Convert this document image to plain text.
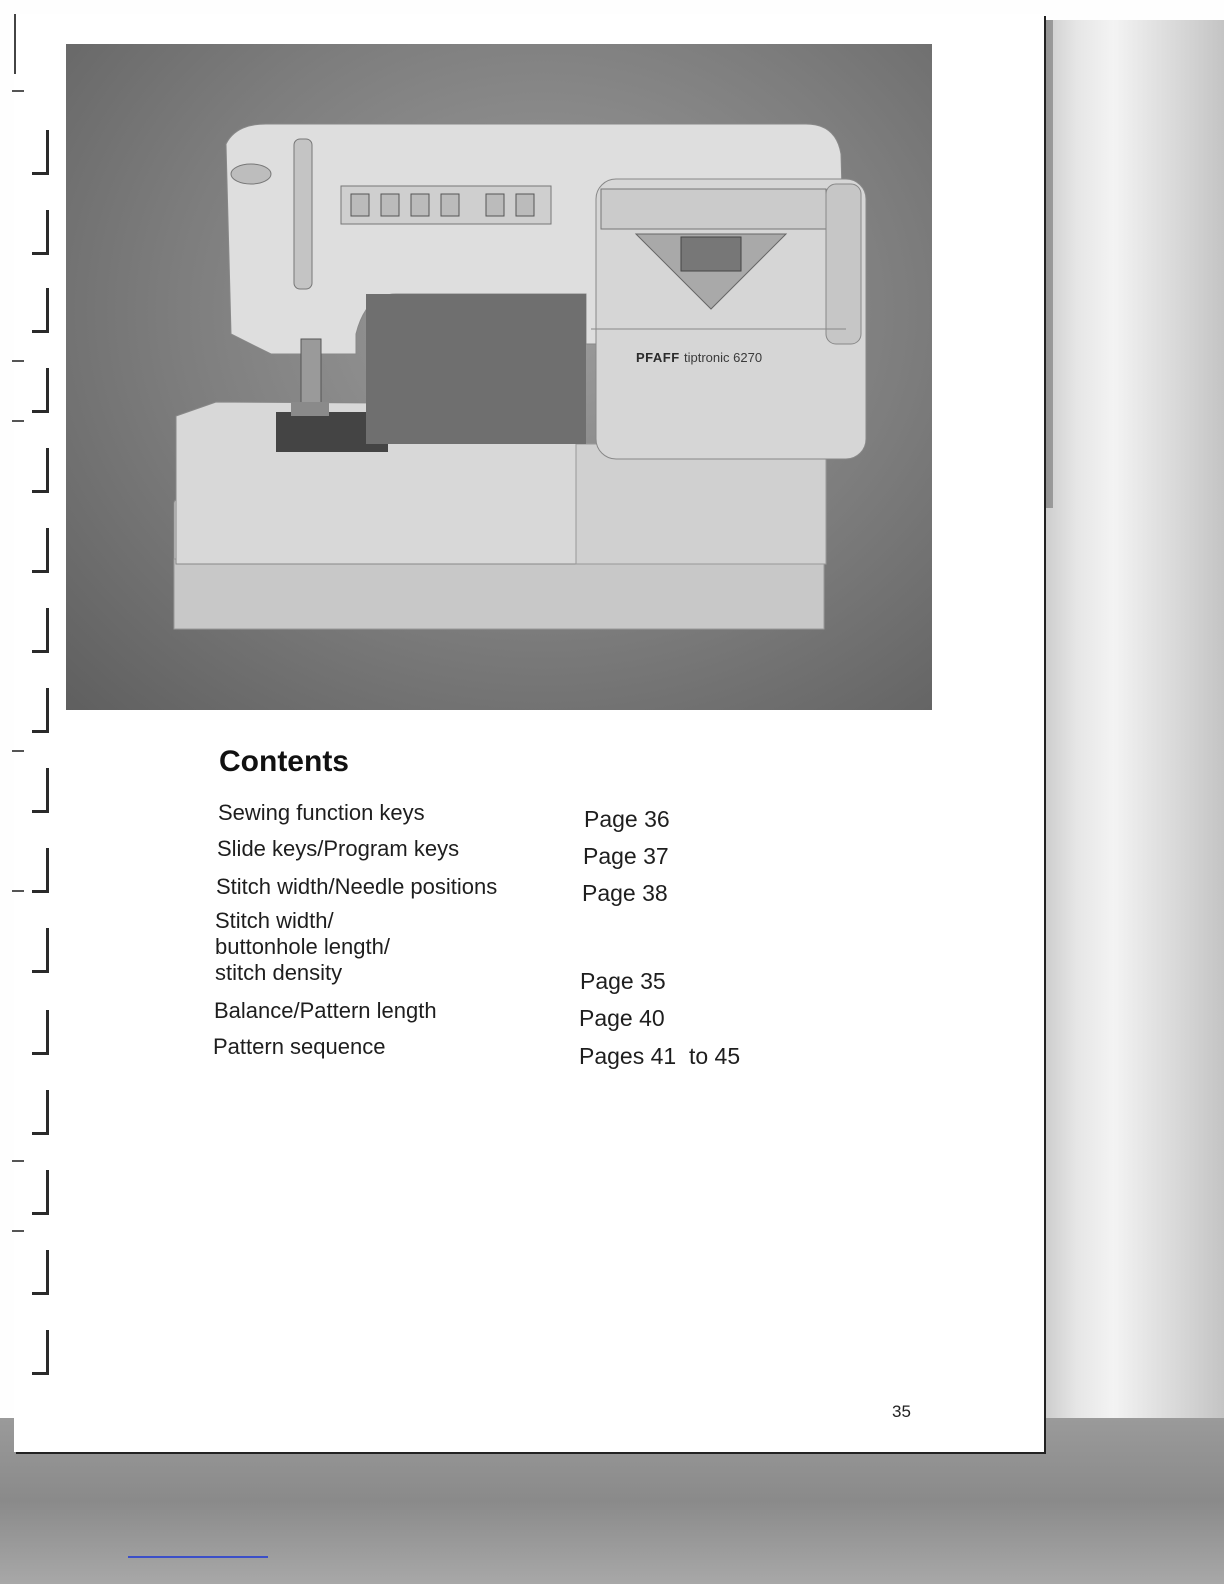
PFAFF tiptronic 6270
Contents
Sewing function keys	Page 36
Slide keys/Program keys	Page 37
Stitch width/Needle positions	Page 38
Stitch width/
buttonhole length/
stitch density	Page 35
Balance/Pattern length	Page 40
Pattern sequence	Pages 41  to 45
35
